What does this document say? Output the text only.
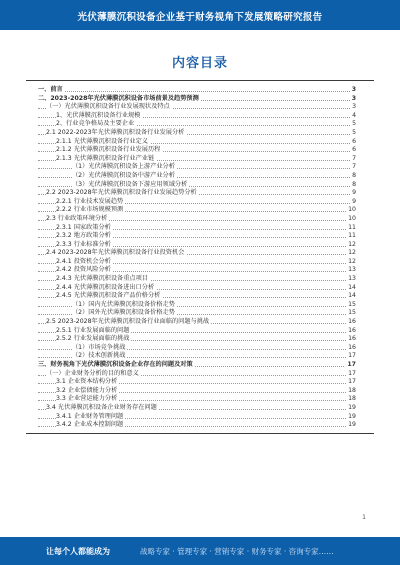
光伏薄膜沉积设备企业基于财务视角下发展策略研究报告
内容目录
一、前言	3
二、2023-2028年光伏薄膜沉积设备市场前景及趋势预测	3
（一）光伏薄膜沉积设备行业发展现状及特点	3
1、光伏薄膜沉积设备行业规模	4
2、行业竞争格局及主要企业	5
2.1 2022-2023年光伏薄膜沉积设备行业发展分析	5
2.1.1 光伏薄膜沉积设备行业定义	6
2.1.2 光伏薄膜沉积设备行业发展历程	6
2.1.3 光伏薄膜沉积设备行业产业链	7
（1）光伏薄膜沉积设备上游产业分析	7
（2）光伏薄膜沉积设备中游产业分析	8
（3）光伏薄膜沉积设备下游应用领域分析	8
2.2 2023-2028年光伏薄膜沉积设备行业发展趋势分析	9
2.2.1 行业技术发展趋势	9
2.2.2 行业市场规模预测	10
2.3 行业政策环境分析	10
2.3.1 国家政策分析	11
2.3.2 地方政策分析	11
2.3.3 行业标准分析	12
2.4 2023-2028年光伏薄膜沉积设备行业投资机会	12
2.4.1 投资机会分析	12
2.4.2 投资风险分析	13
2.4.3 光伏薄膜沉积设备重点项目	13
2.4.4 光伏薄膜沉积设备进出口分析	14
2.4.5 光伏薄膜沉积设备产品价格分析	14
（1）国内光伏薄膜沉积设备价格走势	15
（2）国外光伏薄膜沉积设备价格走势	15
2.5 2023-2028年光伏薄膜沉积设备行业面临的问题与挑战	16
2.5.1 行业发展面临的问题	16
2.5.2 行业发展面临的挑战	16
（1）市场竞争挑战	16
（2）技术创新挑战	17
三、财务视角下光伏薄膜沉积设备企业存在的问题及对策	17
（一）企业财务分析的目的和意义	17
3.1 企业资本结构分析	17
3.2 企业偿债能力分析	18
3.3 企业营运能力分析	18
3.4 光伏薄膜沉积设备企业财务存在问题	19
3.4.1 企业财务管理问题	19
3.4.2 企业成本控制问题	19
1
让每个人都能成为	战略专家 · 管理专家 · 营销专家 · 财务专家 · 咨询专家……
